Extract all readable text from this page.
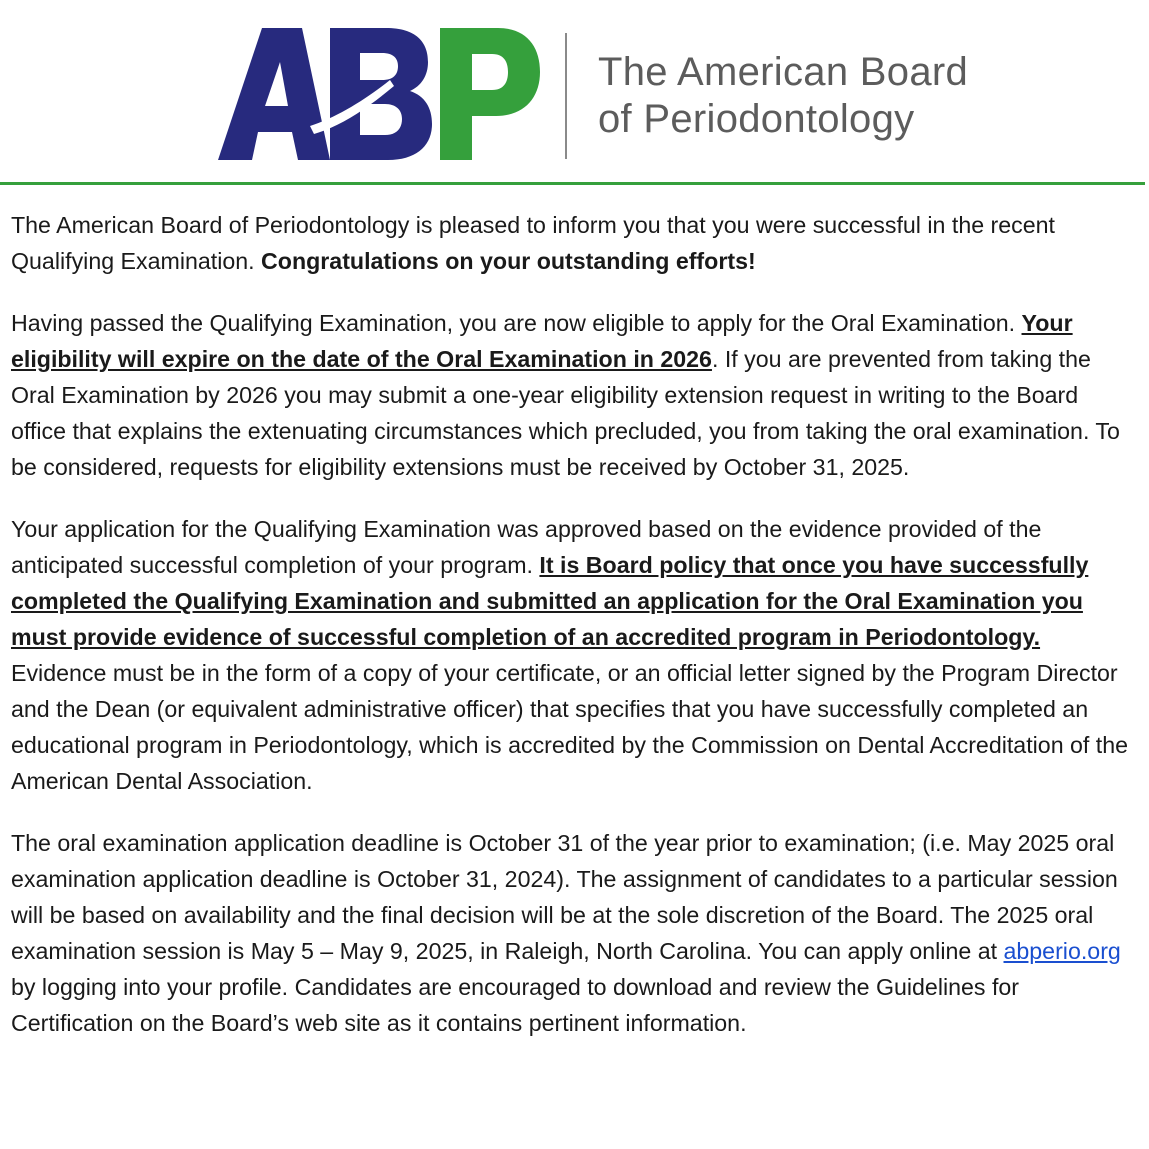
The American Board
of Periodontology

The American Board of Periodontology is pleased to inform you that you were successful in the recent Qualifying Examination. Congratulations on your outstanding efforts!

Having passed the Qualifying Examination, you are now eligible to apply for the Oral Examination. Your eligibility will expire on the date of the Oral Examination in 2026. If you are prevented from taking the Oral Examination by 2026 you may submit a one-year eligibility extension request in writing to the Board office that explains the extenuating circumstances which precluded, you from taking the oral examination. To be considered, requests for eligibility extensions must be received by October 31, 2025.

Your application for the Qualifying Examination was approved based on the evidence provided of the anticipated successful completion of your program. It is Board policy that once you have successfully completed the Qualifying Examination and submitted an application for the Oral Examination you must provide evidence of successful completion of an accredited program in Periodontology. Evidence must be in the form of a copy of your certificate, or an official letter signed by the Program Director and the Dean (or equivalent administrative officer) that specifies that you have successfully completed an educational program in Periodontology, which is accredited by the Commission on Dental Accreditation of the American Dental Association.

The oral examination application deadline is October 31 of the year prior to examination; (i.e. May 2025 oral examination application deadline is October 31, 2024). The assignment of candidates to a particular session will be based on availability and the final decision will be at the sole discretion of the Board. The 2025 oral examination session is May 5 – May 9, 2025, in Raleigh, North Carolina. You can apply online at abperio.org by logging into your profile. Candidates are encouraged to download and review the Guidelines for Certification on the Board’s web site as it contains pertinent information.
